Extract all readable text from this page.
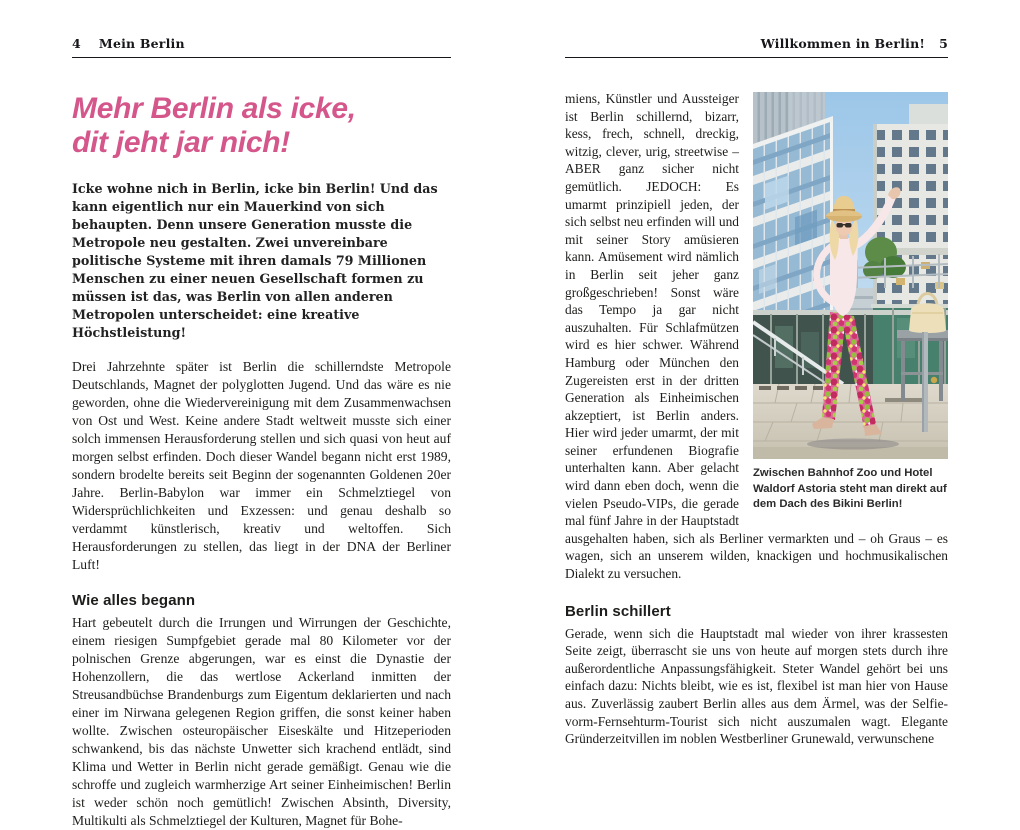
4 Mein Berlin
Mehr Berlin als icke,
dit jeht jar nich!

Icke wohne nich in Berlin, icke bin Berlin! Und das kann eigentlich nur ein Mauerkind von sich behaupten. Denn unsere Generation musste die Metropole neu gestalten. Zwei unvereinbare politische Systeme mit ihren damals 79 Millionen Menschen zu einer neuen Gesellschaft formen zu müssen ist das, was Berlin von allen anderen Metropolen unterscheidet: eine kreative Höchstleistung!

Drei Jahrzehnte später ist Berlin die schillerndste Metropole Deutschlands, Magnet der polyglotten Jugend. Und das wäre es nie geworden, ohne die Wiedervereinigung mit dem Zusammenwachsen von Ost und West. Keine andere Stadt weltweit musste sich einer solch immensen Herausforderung stellen und sich quasi von heut auf morgen selbst erfinden. Doch dieser Wandel begann nicht erst 1989, sondern brodelte bereits seit Beginn der sogenannten Goldenen 20er Jahre. Berlin-Babylon war immer ein Schmelztiegel von Widersprüchlichkeiten und Exzessen: und genau deshalb so verdammt künstlerisch, kreativ und weltoffen. Sich Herausforderungen zu stellen, das liegt in der DNA der Berliner Luft!
Wie alles begann
Hart gebeutelt durch die Irrungen und Wirrungen der Geschichte, einem riesigen Sumpfgebiet gerade mal 80 Kilometer vor der polnischen Grenze abgerungen, war es einst die Dynastie der Hohenzollern, die das wertlose Ackerland inmitten der Streusandbüchse Brandenburgs zum Eigentum deklarierten und nach einer im Nirwana gelegenen Region griffen, die sonst keiner haben wollte. Zwischen osteuropäischer Eiseskälte und Hitzeperioden schwankend, bis das nächste Unwetter sich krachend entlädt, sind Klima und Wetter in Berlin nicht gerade gemäßigt. Genau wie die schroffe und zugleich warmherzige Art seiner Einheimischen! Berlin ist weder schön noch gemütlich! Zwischen Absinth, Diversity, Multikulti als Schmelztiegel der Kulturen, Magnet für Bohe-
Willkommen in Berlin! 5
Zwischen Bahnhof Zoo und Hotel Waldorf Astoria steht man direkt auf dem Dach des Bikini Berlin!
miens, Künstler und Aussteiger ist Berlin schillernd, bizarr, kess, frech, schnell, dreckig, witzig, clever, urig, streetwise – ABER ganz sicher nicht gemütlich. JEDOCH: Es umarmt prinzipiell jeden, der sich selbst neu erfinden will und mit seiner Story amüsieren kann. Amüsement wird nämlich in Berlin seit jeher ganz großgeschrieben! Sonst wäre das Tempo ja gar nicht auszuhalten. Für Schlafmützen wird es hier schwer. Während Hamburg oder München den Zugereisten erst in der dritten Generation als Einheimischen akzeptiert, ist Berlin anders. Hier wird jeder umarmt, der mit seiner erfundenen Biografie unterhalten kann. Aber gelacht wird dann eben doch, wenn die vielen Pseudo-VIPs, die gerade mal fünf Jahre in der Hauptstadt ausgehalten haben, sich als Berliner vermarkten und – oh Graus – es wagen, sich an unserem wilden, knackigen und hochmusikalischen Dialekt zu versuchen.
Berlin schillert
Gerade, wenn sich die Hauptstadt mal wieder von ihrer krassesten Seite zeigt, überrascht sie uns von heute auf morgen stets durch ihre außerordentliche Anpassungsfähigkeit. Steter Wandel gehört bei uns einfach dazu: Nichts bleibt, wie es ist, flexibel ist man hier von Hause aus. Zuverlässig zaubert Berlin alles aus dem Ärmel, was der Selfie-vorm-Fernsehturm-Tourist sich nicht auszumalen wagt. Elegante Gründerzeitvillen im noblen Westberliner Grunewald, verwunschene
